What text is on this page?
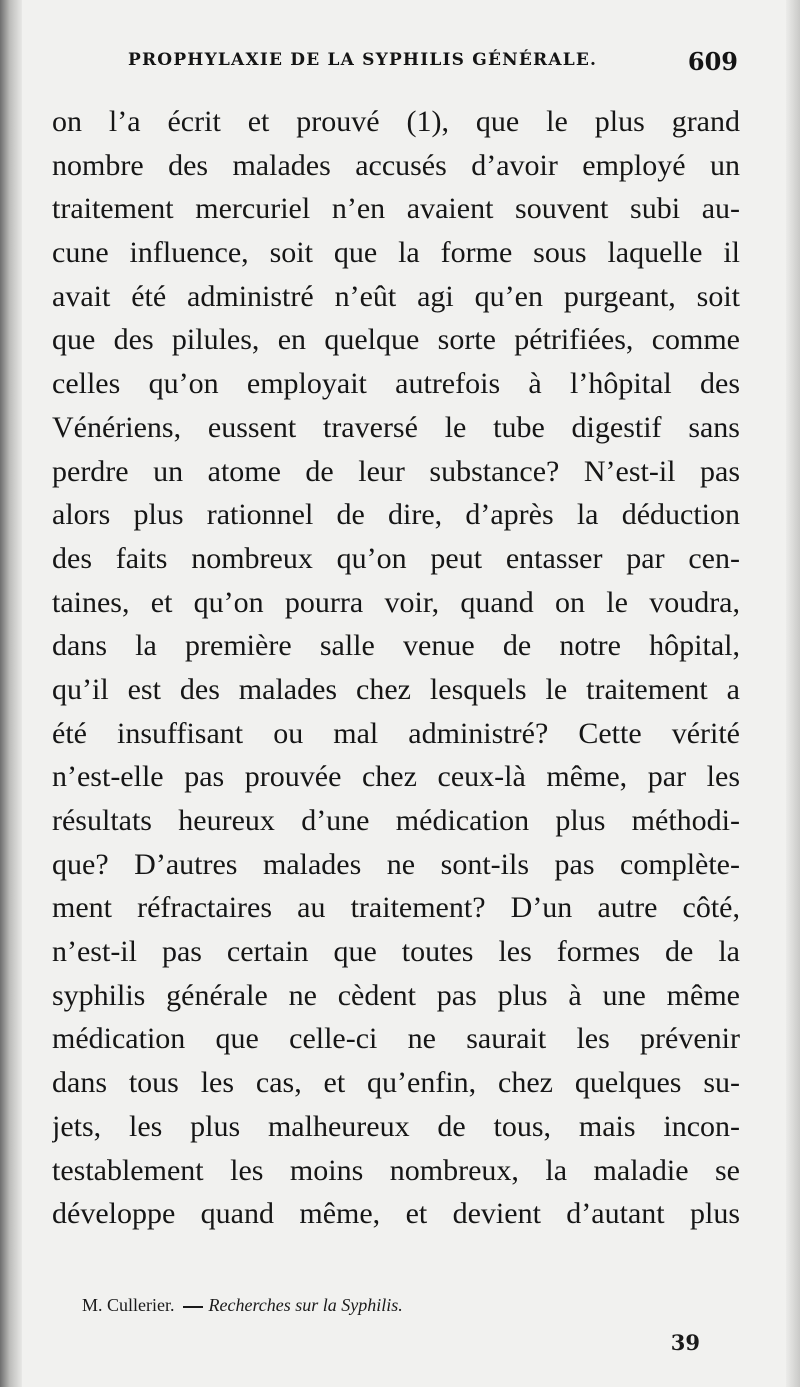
PROPHYLAXIE DE LA SYPHILIS GÉNÉRALE.	609
on l’a écrit et prouvé (1), que le plus grand
nombre des malades accusés d’avoir employé un
traitement mercuriel n’en avaient souvent subi au-
cune influence, soit que la forme sous laquelle il
avait été administré n’eût agi qu’en purgeant, soit
que des pilules, en quelque sorte pétrifiées, comme
celles qu’on employait autrefois à l’hôpital des
Vénériens, eussent traversé le tube digestif sans
perdre un atome de leur substance? N’est-il pas
alors plus rationnel de dire, d’après la déduction
des faits nombreux qu’on peut entasser par cen-
taines, et qu’on pourra voir, quand on le voudra,
dans la première salle venue de notre hôpital,
qu’il est des malades chez lesquels le traitement a
été insuffisant ou mal administré? Cette vérité
n’est-elle pas prouvée chez ceux-là même, par les
résultats heureux d’une médication plus méthodi-
que? D’autres malades ne sont-ils pas complète-
ment réfractaires au traitement? D’un autre côté,
n’est-il pas certain que toutes les formes de la
syphilis générale ne cèdent pas plus à une même
médication que celle-ci ne saurait les prévenir
dans tous les cas, et qu’enfin, chez quelques su-
jets, les plus malheureux de tous, mais incon-
testablement les moins nombreux, la maladie se
développe quand même, et devient d’autant plus
M. Cullerier. Recherches sur la Syphilis.
39
